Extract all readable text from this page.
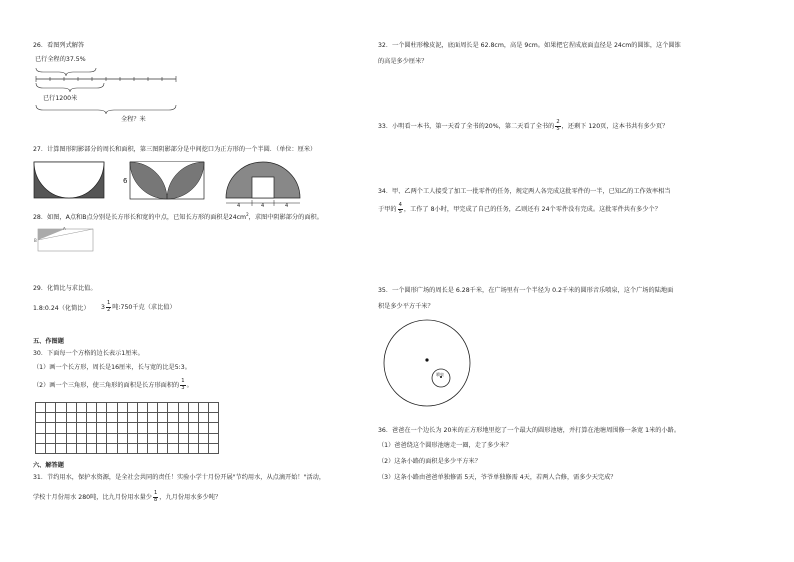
26．看图列式解答
已行全程的37.5%
已行1200米
全程？米
27．计算图形阴影部分的周长和面积，第三图阴影部分是中间挖口为正方形的一个半圆．（单位：厘米）
6
4	4	4
28．如图，A点和B点分别是长方形长和宽的中点，已知长方形的面积是$24cm^2$，求图中阴影部分的面积。
A
B
29．化简比与求比值。
1.8:0.24（化简比） $3 \frac{1}{2}$ 吨:750千克（求比值）
五、作图题
30．下面每一个方格的边长表示1厘米。
（1）画一个长方形，周长是16厘米，长与宽的比是5:3。
（2）画一个三角形，使三角形的面积是长方形面积的 $\frac{1}{3}$ 。
六、解答题
31．节约用水，保护水资源，是全社会共同的责任！实验小学十月份开展"节约用水，从点滴开始！"活动，
学校十月份用水 280吨，比九月份用水量少 $\frac{1}{8}$ ，九月份用水多少吨？
32．一个圆柱形橡皮泥，底面周长是 62.8cm，高是 9cm。如果把它捏成底面直径是 24cm的圆锥，这个圆锥
的高是多少厘米？
33．小明看一本书，第一天看了全书的20%，第二天看了全书的 $\frac{2}{5}$ ，还剩下 120页，这本书共有多少页？
34．甲、乙两个工人接受了加工一批零件的任务，规定两人各完成这批零件的一半，已知乙的工作效率相当
于甲的 $\frac{4}{5}$ ，工作了 8小时，甲完成了自己的任务，乙则还有 24个零件没有完成。这批零件共有多少个？
35．一个圆形广场的周长是 6.28千米，在广场里有一个半径为 0.2千米的圆形音乐喷泉，这个广场的陆地面
积是多少平方千米？
喷泉
36．爸爸在一个边长为 20米的正方形地里挖了一个最大的圆形池塘，并打算在池塘周围修一条宽 1米的小路。
（1）爸爸绕这个圆形池塘走一圈，走了多少米？
（2）这条小路的面积是多少平方米？
（3）这条小路由爸爸单独修需 5天，爷爷单独修需 4天，若两人合修，需多少天完成？
